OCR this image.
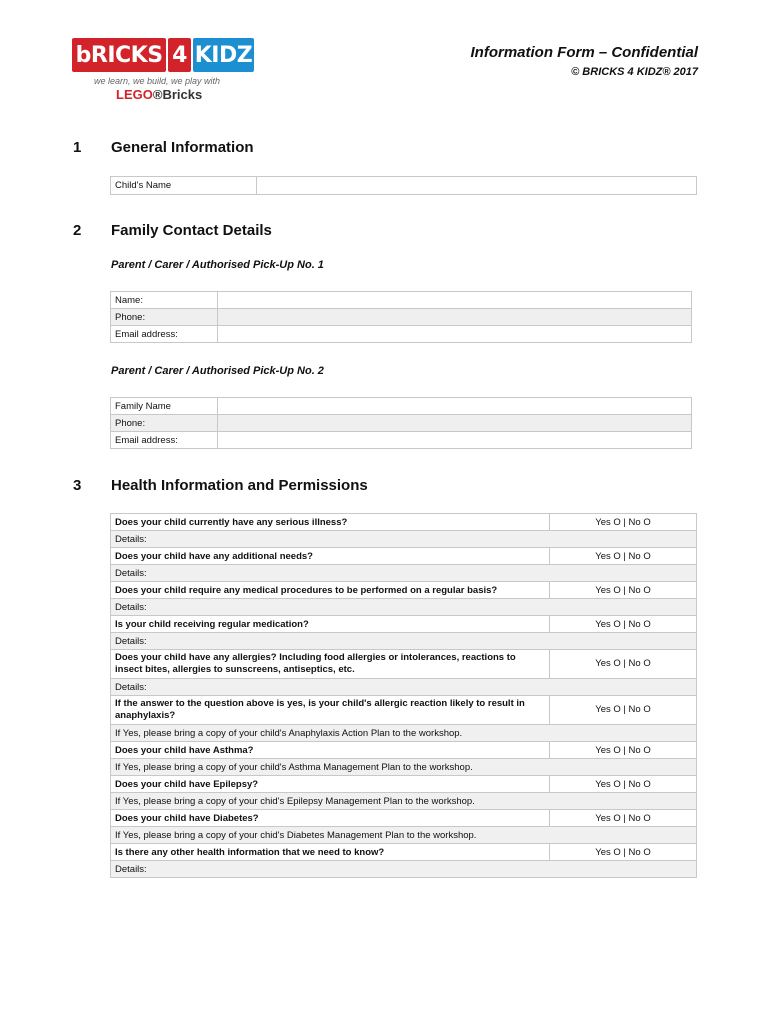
bRICKS 4 KIDZ
we learn, we build, we play with
LEGO®Bricks
Information Form – Confidential
© BRICKS 4 KIDZ® 2017
1 General Information
Child's Name	
2 Family Contact Details
Parent / Carer / Authorised Pick-Up No. 1
Name:	
Phone:	
Email address:	
Parent / Carer / Authorised Pick-Up No. 2
Family Name	
Phone:	
Email address:	
3 Health Information and Permissions
Does your child currently have any serious illness?	Yes O | No O
Details:	
Does your child have any additional needs?	Yes O | No O
Details:	
Does your child require any medical procedures to be performed on a regular basis?	Yes O | No O
Details:	
Is your child receiving regular medication?	Yes O | No O
Details:	
Does your child have any allergies? Including food allergies or intolerances, reactions to insect bites, allergies to sunscreens, antiseptics, etc.	Yes O | No O
Details:	
If the answer to the question above is yes, is your child's allergic reaction likely to result in anaphylaxis?	Yes O | No O
If Yes, please bring a copy of your child's Anaphylaxis Action Plan to the workshop.	
Does your child have Asthma?	Yes O | No O
If Yes, please bring a copy of your child's Asthma Management Plan to the workshop.	
Does your child have Epilepsy?	Yes O | No O
If Yes, please bring a copy of your chid's Epilepsy Management Plan to the workshop.	
Does your child have Diabetes?	Yes O | No O
If Yes, please bring a copy of your chid's Diabetes Management Plan to the workshop.	
Is there any other health information that we need to know?	Yes O | No O
Details:	
